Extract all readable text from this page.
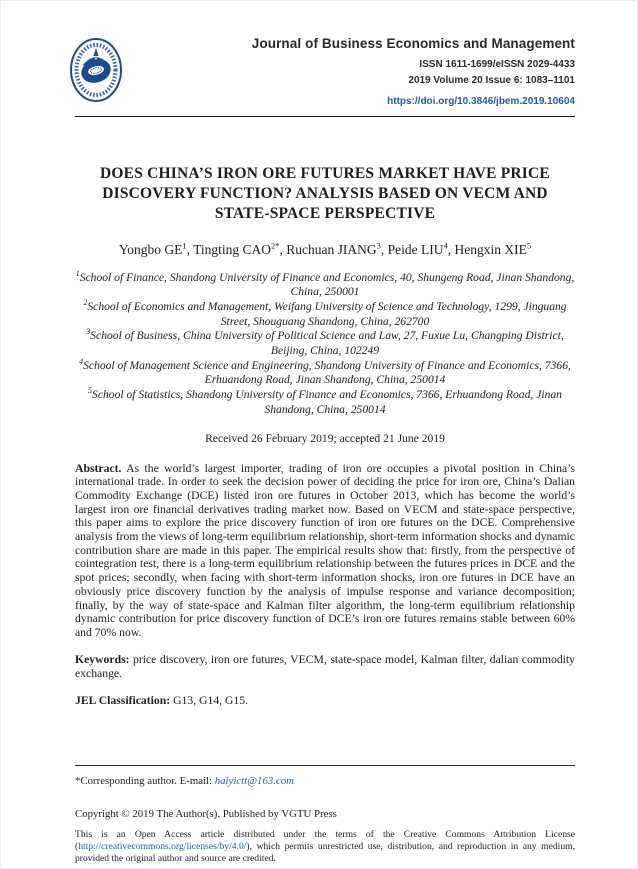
Journal of Business Economics and Management
ISSN 1611-1699/eISSN 2029-4433
2019 Volume 20 Issue 6: 1083–1101
https://doi.org/10.3846/jbem.2019.10604
DOES CHINA’S IRON ORE FUTURES MARKET HAVE PRICE DISCOVERY FUNCTION? ANALYSIS BASED ON VECM AND STATE-SPACE PERSPECTIVE
Yongbo $GE^1$, Tingting $CAO^{2*}$, Ruchuan JIANG$^3$, Peide LIU$^4$, Hengxin XIE$^5$
$^1$School of Finance, Shandong University of Finance and Economics, 40, Shungeng Road, Jinan Shandong, China, 250001
$^2$School of Economics and Management, Weifang University of Science and Technology, 1299, Jinguang Street, Shouguang Shandong, China, 262700
$^3$School of Business, China University of Political Science and Law, 27, Fuxue Lu, Changping District, Beijing, China, 102249
$^4$School of Management Science and Engineering, Shandong University of Finance and Economics, 7366, Erhuandong Road, Jinan Shandong, China, 250014
$^5$School of Statistics, Shandong University of Finance and Economics, 7366, Erhuandong Road, Jinan Shandong, China, 250014
Received 26 February 2019; accepted 21 June 2019

Abstract. As the world’s largest importer, trading of iron ore occupies a pivotal position in China’s international trade. In order to seek the decision power of deciding the price for iron ore, China’s Dalian Commodity Exchange (DCE) listed iron ore futures in October 2013, which has become the world’s largest iron ore financial derivatives trading market now. Based on VECM and state-space perspective, this paper aims to explore the price discovery function of iron ore futures on the DCE. Comprehensive analysis from the views of long-term equilibrium relationship, short-term information shocks and dynamic contribution share are made in this paper. The empirical results show that: firstly, from the perspective of cointegration test, there is a long-term equilibrium relationship between the futures prices in DCE and the spot prices; secondly, when facing with short-term information shocks, iron ore futures in DCE have an obviously price discovery function by the analysis of impulse response and variance decomposition; finally, by the way of state-space and Kalman filter algorithm, the long-term equilibrium relationship dynamic contribution for price discovery function of DCE’s iron ore futures remains stable between 60% and 70% now.

Keywords: price discovery, iron ore futures, VECM, state-space model, Kalman filter, dalian commodity exchange.

JEL Classification: G13, G14, G15.

*Corresponding author. E-mail: haiyictt@163.com
Copyright © 2019 The Author(s). Published by VGTU Press
This is an Open Access article distributed under the terms of the Creative Commons Attribution License (http://creativecommons.org/licenses/by/4.0/), which permits unrestricted use, distribution, and reproduction in any medium, provided the original author and source are credited.
